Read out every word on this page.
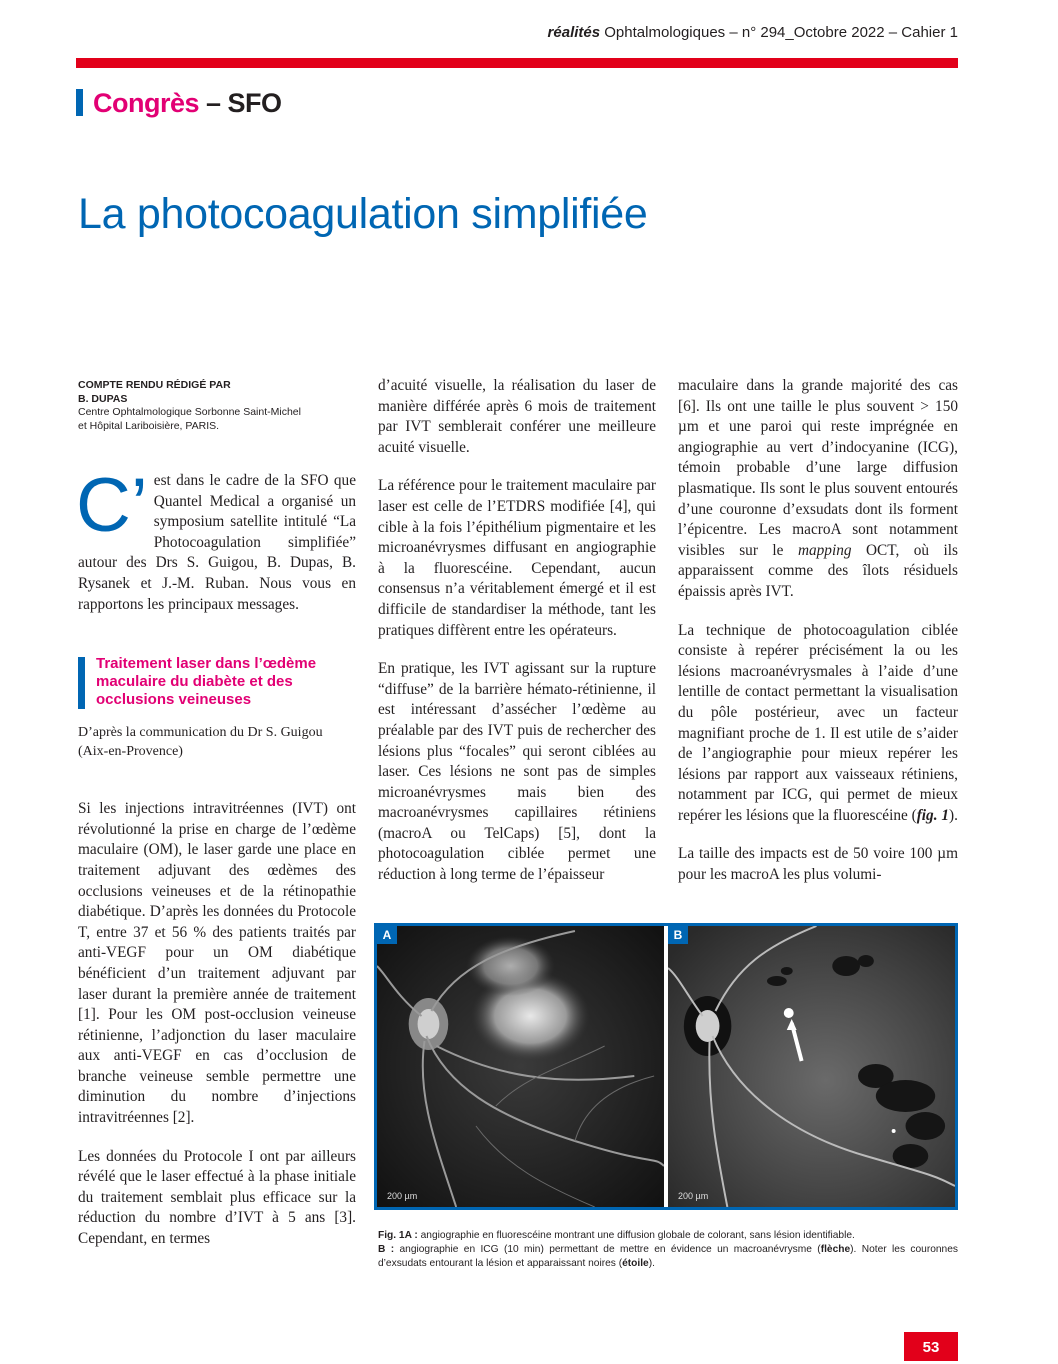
réalités Ophtalmologiques – n° 294_Octobre 2022 – Cahier 1
Congrès – SFO
La photocoagulation simplifiée
COMPTE RENDU RÉDIGÉ PAR
B. DUPAS
Centre Ophtalmologique Sorbonne Saint-Michel
et Hôpital Lariboisière, PARIS.

C’ est dans le cadre de la SFO que Quantel Medical a organisé un symposium satellite intitulé “La Photocoagulation simplifiée” autour des Drs S. Guigou, B. Dupas, B. Rysanek et J.-M. Ruban. Nous vous en rapportons les principaux messages.

Traitement laser dans l’œdème maculaire du diabète et des occlusions veineuses
D’après la communication du Dr S. Guigou (Aix-en-Provence)

Si les injections intravitréennes (IVT) ont révolutionné la prise en charge de l’œdème maculaire (OM), le laser garde une place en traitement adjuvant des œdèmes des occlusions veineuses et de la rétinopathie diabétique. D’après les données du Protocole T, entre 37 et 56 % des patients traités par anti-VEGF pour un OM diabétique bénéficient d’un traitement adjuvant par laser durant la première année de traitement [1]. Pour les OM post-occlusion veineuse rétinienne, l’adjonction du laser maculaire aux anti-VEGF en cas d’occlusion de branche veineuse semble permettre une diminution du nombre d’injections intravitréennes [2].

Les données du Protocole I ont par ailleurs révélé que le laser effectué à la phase initiale du traitement semblait plus efficace sur la réduction du nombre d’IVT à 5 ans [3]. Cependant, en termes

d’acuité visuelle, la réalisation du laser de manière différée après 6 mois de traitement par IVT semblerait conférer une meilleure acuité visuelle.

La référence pour le traitement maculaire par laser est celle de l’ETDRS modifiée [4], qui cible à la fois l’épithélium pigmentaire et les microanévrysmes diffusant en angiographie à la fluorescéine. Cependant, aucun consensus n’a véritablement émergé et il est difficile de standardiser la méthode, tant les pratiques diffèrent entre les opérateurs.

En pratique, les IVT agissant sur la rupture “diffuse” de la barrière hémato-rétinienne, il est intéressant d’assécher l’œdème au préalable par des IVT puis de rechercher des lésions plus “focales” qui seront ciblées au laser. Ces lésions ne sont pas de simples microanévrysmes mais bien des macroanévrysmes capillaires rétiniens (macroA ou TelCaps) [5], dont la photocoagulation ciblée permet une réduction à long terme de l’épaisseur

maculaire dans la grande majorité des cas [6]. Ils ont une taille le plus souvent > 150 µm et une paroi qui reste imprégnée en angiographie au vert d’indocyanine (ICG), témoin probable d’une large diffusion plasmatique. Ils sont le plus souvent entourés d’une couronne d’exsudats dont ils forment l’épicentre. Les macroA sont notamment visibles sur le mapping OCT, où ils apparaissent comme des îlots résiduels épaissis après IVT.

La technique de photocoagulation ciblée consiste à repérer précisément la ou les lésions macroanévrysmales à l’aide d’une lentille de contact permettant la visualisation du pôle postérieur, avec un facteur magnifiant proche de 1. Il est utile de s’aider de l’angiographie pour mieux repérer les lésions par rapport aux vaisseaux rétiniens, notamment par ICG, qui permet de mieux repérer les lésions que la fluorescéine (fig. 1).

La taille des impacts est de 50 voire 100 µm pour les macroA les plus volumi-

A
200 µm
B
200 µm
Fig. 1A : angiographie en fluorescéine montrant une diffusion globale de colorant, sans lésion identifiable.
B : angiographie en ICG (10 min) permettant de mettre en évidence un macroanévrysme (flèche). Noter les couronnes d’exsudats entourant la lésion et apparaissant noires (étoile).
53
